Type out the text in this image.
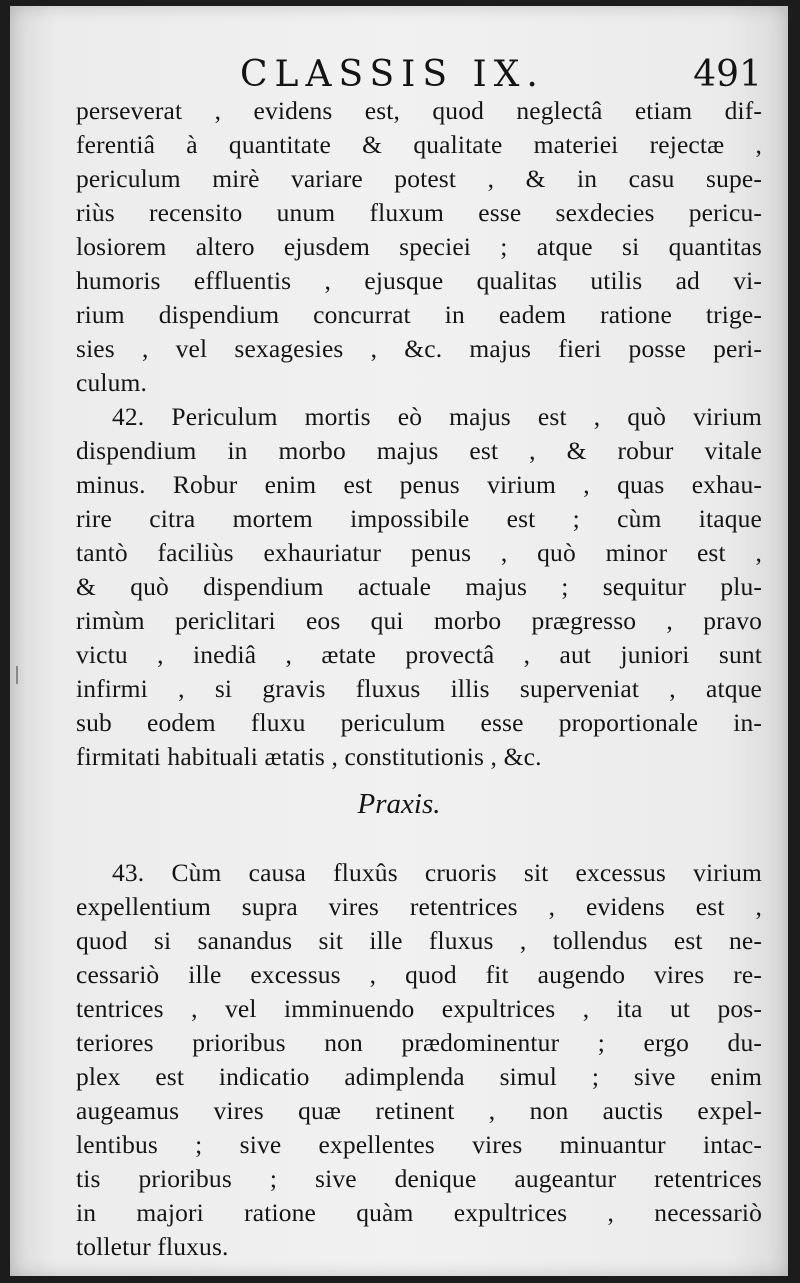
CLASSIS IX.	491
perseverat , evidens est, quod neglectâ etiam dif-
ferentiâ à quantitate & qualitate materiei rejectæ ,
periculum mirè variare potest , & in casu supe-
riùs recensito unum fluxum esse sexdecies pericu-
losiorem altero ejusdem speciei ; atque si quantitas
humoris effluentis , ejusque qualitas utilis ad vi-
rium dispendium concurrat in eadem ratione trige-
sies , vel sexagesies , &c. majus fieri posse peri-
culum.
42. Periculum mortis eò majus est , quò virium
dispendium in morbo majus est , & robur vitale
minus. Robur enim est penus virium , quas exhau-
rire citra mortem impossibile est ; cùm itaque
tantò faciliùs exhauriatur penus , quò minor est ,
& quò dispendium actuale majus ; sequitur plu-
rimùm periclitari eos qui morbo prægresso , pravo
victu , inediâ , ætate provectâ , aut juniori sunt
infirmi , si gravis fluxus illis superveniat , atque
sub eodem fluxu periculum esse proportionale in-
firmitati habituali ætatis , constitutionis , &c.
Praxis.
43. Cùm causa fluxûs cruoris sit excessus virium
expellentium supra vires retentrices , evidens est ,
quod si sanandus sit ille fluxus , tollendus est ne-
cessariò ille excessus , quod fit augendo vires re-
tentrices , vel imminuendo expultrices , ita ut pos-
teriores prioribus non prædominentur ; ergo du-
plex est indicatio adimplenda simul ; sive enim
augeamus vires quæ retinent , non auctis expel-
lentibus ; sive expellentes vires minuantur intac-
tis prioribus ; sive denique augeantur retentrices
in majori ratione quàm expultrices , necessariò
tolletur fluxus.
